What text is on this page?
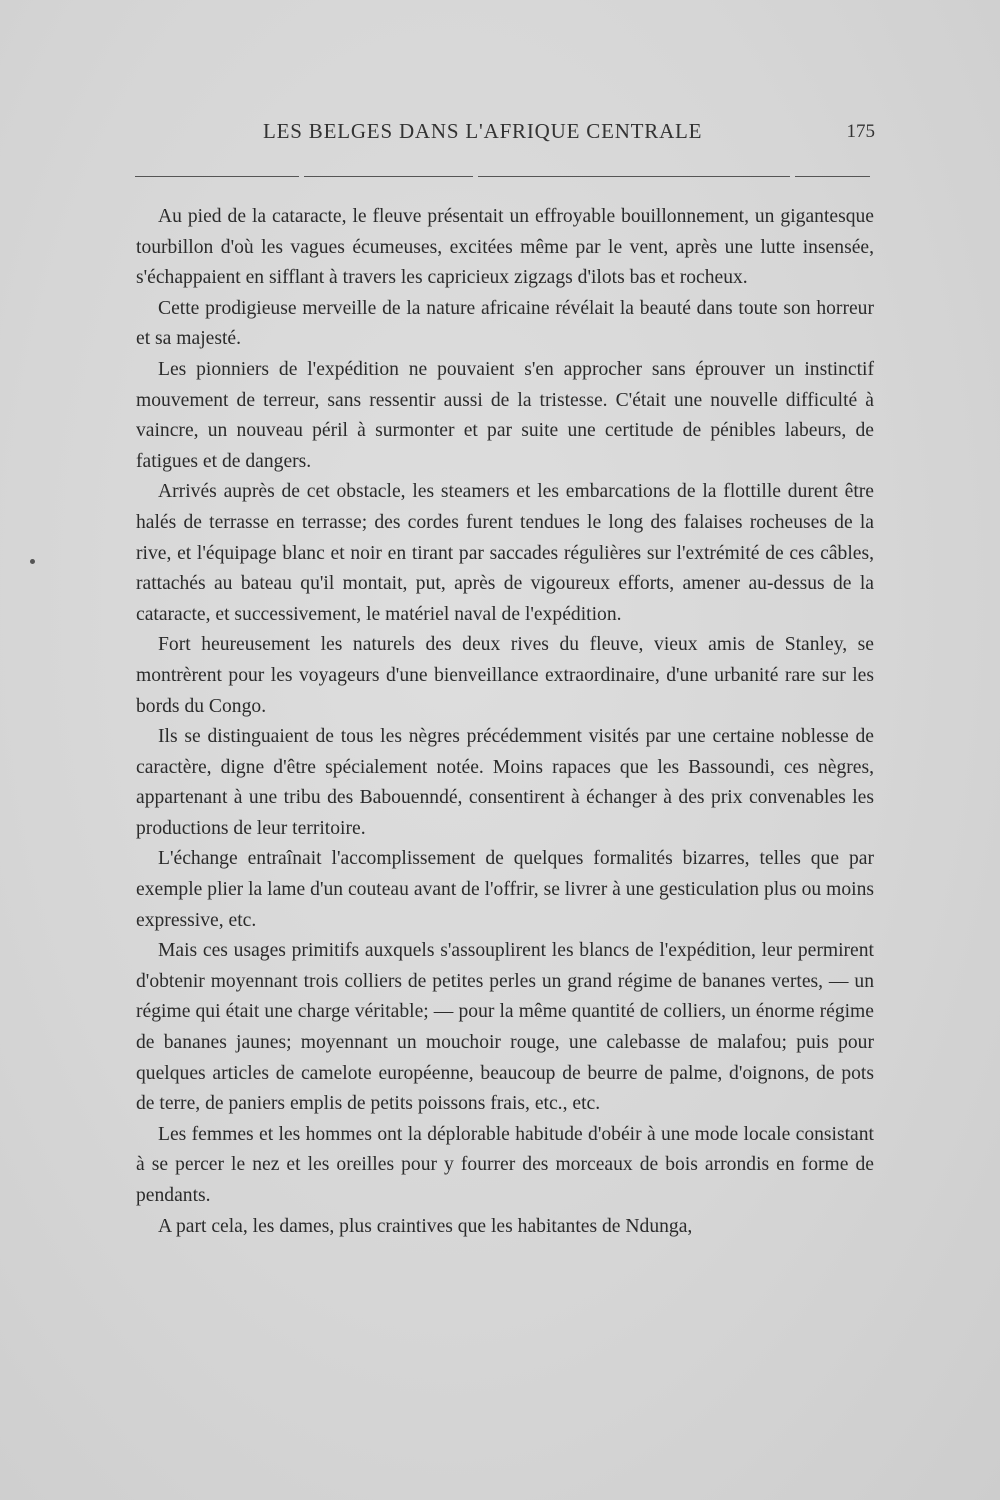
LES BELGES DANS L'AFRIQUE CENTRALE	175

Au pied de la cataracte, le fleuve présentait un effroyable bouillonnement, un gigantesque tourbillon d'où les vagues écumeuses, excitées même par le vent, après une lutte insensée, s'échappaient en sifflant à travers les capricieux zigzags d'ilots bas et rocheux.

Cette prodigieuse merveille de la nature africaine révélait la beauté dans toute son horreur et sa majesté.

Les pionniers de l'expédition ne pouvaient s'en approcher sans éprouver un instinctif mouvement de terreur, sans ressentir aussi de la tristesse. C'était une nouvelle difficulté à vaincre, un nouveau péril à surmonter et par suite une certitude de pénibles labeurs, de fatigues et de dangers.

Arrivés auprès de cet obstacle, les steamers et les embarcations de la flottille durent être halés de terrasse en terrasse; des cordes furent tendues le long des falaises rocheuses de la rive, et l'équipage blanc et noir en tirant par saccades régulières sur l'extrémité de ces câbles, rattachés au bateau qu'il montait, put, après de vigoureux efforts, amener au-dessus de la cataracte, et successivement, le matériel naval de l'expédition.

Fort heureusement les naturels des deux rives du fleuve, vieux amis de Stanley, se montrèrent pour les voyageurs d'une bienveillance extraordinaire, d'une urbanité rare sur les bords du Congo.

Ils se distinguaient de tous les nègres précédemment visités par une certaine noblesse de caractère, digne d'être spécialement notée. Moins rapaces que les Bassoundi, ces nègres, appartenant à une tribu des Babouenndé, consentirent à échanger à des prix convenables les productions de leur territoire.

L'échange entraînait l'accomplissement de quelques formalités bizarres, telles que par exemple plier la lame d'un couteau avant de l'offrir, se livrer à une gesticulation plus ou moins expressive, etc.

Mais ces usages primitifs auxquels s'assouplirent les blancs de l'expédition, leur permirent d'obtenir moyennant trois colliers de petites perles un grand régime de bananes vertes, — un régime qui était une charge véritable; — pour la même quantité de colliers, un énorme régime de bananes jaunes; moyennant un mouchoir rouge, une calebasse de malafou; puis pour quelques articles de camelote européenne, beaucoup de beurre de palme, d'oignons, de pots de terre, de paniers emplis de petits poissons frais, etc., etc.

Les femmes et les hommes ont la déplorable habitude d'obéir à une mode locale consistant à se percer le nez et les oreilles pour y fourrer des morceaux de bois arrondis en forme de pendants.

A part cela, les dames, plus craintives que les habitantes de Ndunga,
